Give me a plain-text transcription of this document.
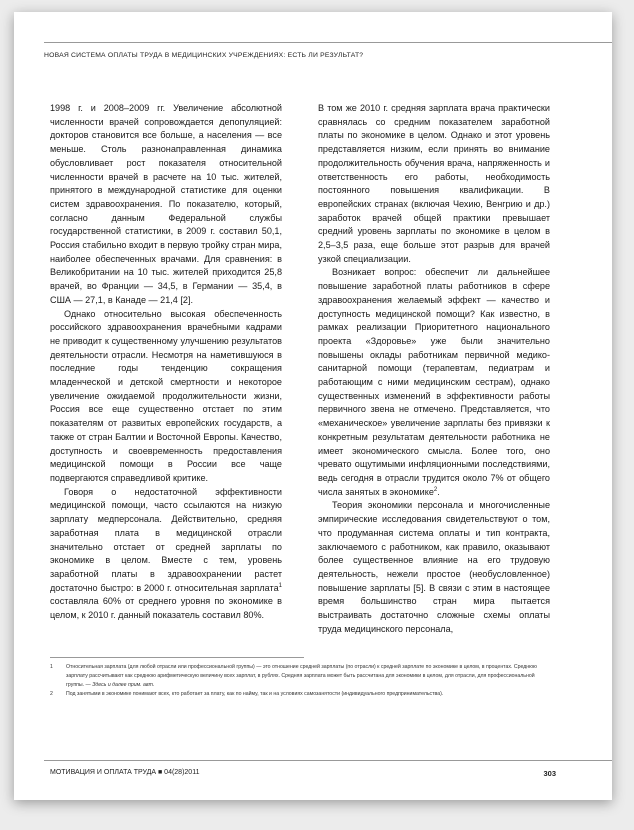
НОВАЯ СИСТЕМА ОПЛАТЫ ТРУДА В МЕДИЦИНСКИХ УЧРЕЖДЕНИЯХ: ЕСТЬ ЛИ РЕЗУЛЬТАТ?

1998 г. и 2008–2009 гг. Увеличение абсолютной численности врачей сопровождается депопуляцией: докторов становится все больше, а населения — все меньше. Столь разнонаправленная динамика обусловливает рост показателя относительной численности врачей в расчете на 10 тыс. жителей, принятого в международной статистике для оценки систем здравоохранения. По показателю, который, согласно данным Федеральной службы государственной статистики, в 2009 г. составил 50,1, Россия стабильно входит в первую тройку стран мира, наиболее обеспеченных врачами. Для сравнения: в Великобритании на 10 тыс. жителей приходится 25,8 врачей, во Франции — 34,5, в Германии — 35,4, в США — 27,1, в Канаде — 21,4 [2].

Однако относительно высокая обеспеченность российского здравоохранения врачебными кадрами не приводит к существенному улучшению результатов деятельности отрасли. Несмотря на наметившуюся в последние годы тенденцию сокращения младенческой и детской смертности и некоторое увеличение ожидаемой продолжительности жизни, Россия все еще существенно отстает по этим показателям от развитых европейских государств, а также от стран Балтии и Восточной Европы. Качество, доступность и своевременность предоставления медицинской помощи в России все чаще подвергаются справедливой критике.

Говоря о недостаточной эффективности медицинской помощи, часто ссылаются на низкую зарплату медперсонала. Действительно, средняя заработная плата в медицинской отрасли значительно отстает от средней зарплаты по экономике в целом. Вместе с тем, уровень заработной платы в здравоохранении растет достаточно быстро: в 2000 г. относительная зарплата$^1$ составляла 60% от среднего уровня по экономике в целом, к 2010 г. данный показатель составил 80%.

В том же 2010 г. средняя зарплата врача практически сравнялась со средним показателем заработной платы по экономике в целом. Однако и этот уровень представляется низким, если принять во внимание продолжительность обучения врача, напряженность и ответственность его работы, необходимость постоянного повышения квалификации. В европейских странах (включая Чехию, Венгрию и др.) заработок врачей общей практики превышает средний уровень зарплаты по экономике в целом в 2,5–3,5 раза, еще больше этот разрыв для врачей узкой специализации.

Возникает вопрос: обеспечит ли дальнейшее повышение заработной платы работников в сфере здравоохранения желаемый эффект — качество и доступность медицинской помощи? Как известно, в рамках реализации Приоритетного национального проекта «Здоровье» уже были значительно повышены оклады работникам первичной медико-санитарной помощи (терапевтам, педиатрам и работающим с ними медицинским сестрам), однако существенных изменений в эффективности работы первичного звена не отмечено. Представляется, что «механическое» увеличение зарплаты без привязки к конкретным результатам деятельности работника не имеет экономического смысла. Более того, оно чревато ощутимыми инфляционными последствиями, ведь сегодня в отрасли трудится около 7% от общего числа занятых в экономике$^2$.

Теория экономики персонала и многочисленные эмпирические исследования свидетельствуют о том, что продуманная система оплаты и тип контракта, заключаемого с работником, как правило, оказывают более существенное влияние на его трудовую деятельность, нежели простое (необусловленное) повышение зарплаты [5]. В связи с этим в настоящее время большинство стран мира пытается выстраивать достаточно сложные схемы оплаты труда медицинского персонала,

1	Относительная зарплата (для любой отрасли или профессиональной группы) — это отношение средней зарплаты (по отрасли) к средней зарплате по экономике в целом, в процентах. Среднюю зарплату рассчитывают как среднюю арифметическую величину всех зарплат, в рублях. Средняя зарплата может быть рассчитана для экономики в целом, для отрасли, для профессиональной группы. — Здесь и далее прим. авт.
2	Под занятыми в экономике понимают всех, кто работает за плату, как по найму, так и на условиях самозанятости (индивидуального предпринимательства).
МОТИВАЦИЯ И ОПЛАТА ТРУДА ■ 04(28)2011	303
